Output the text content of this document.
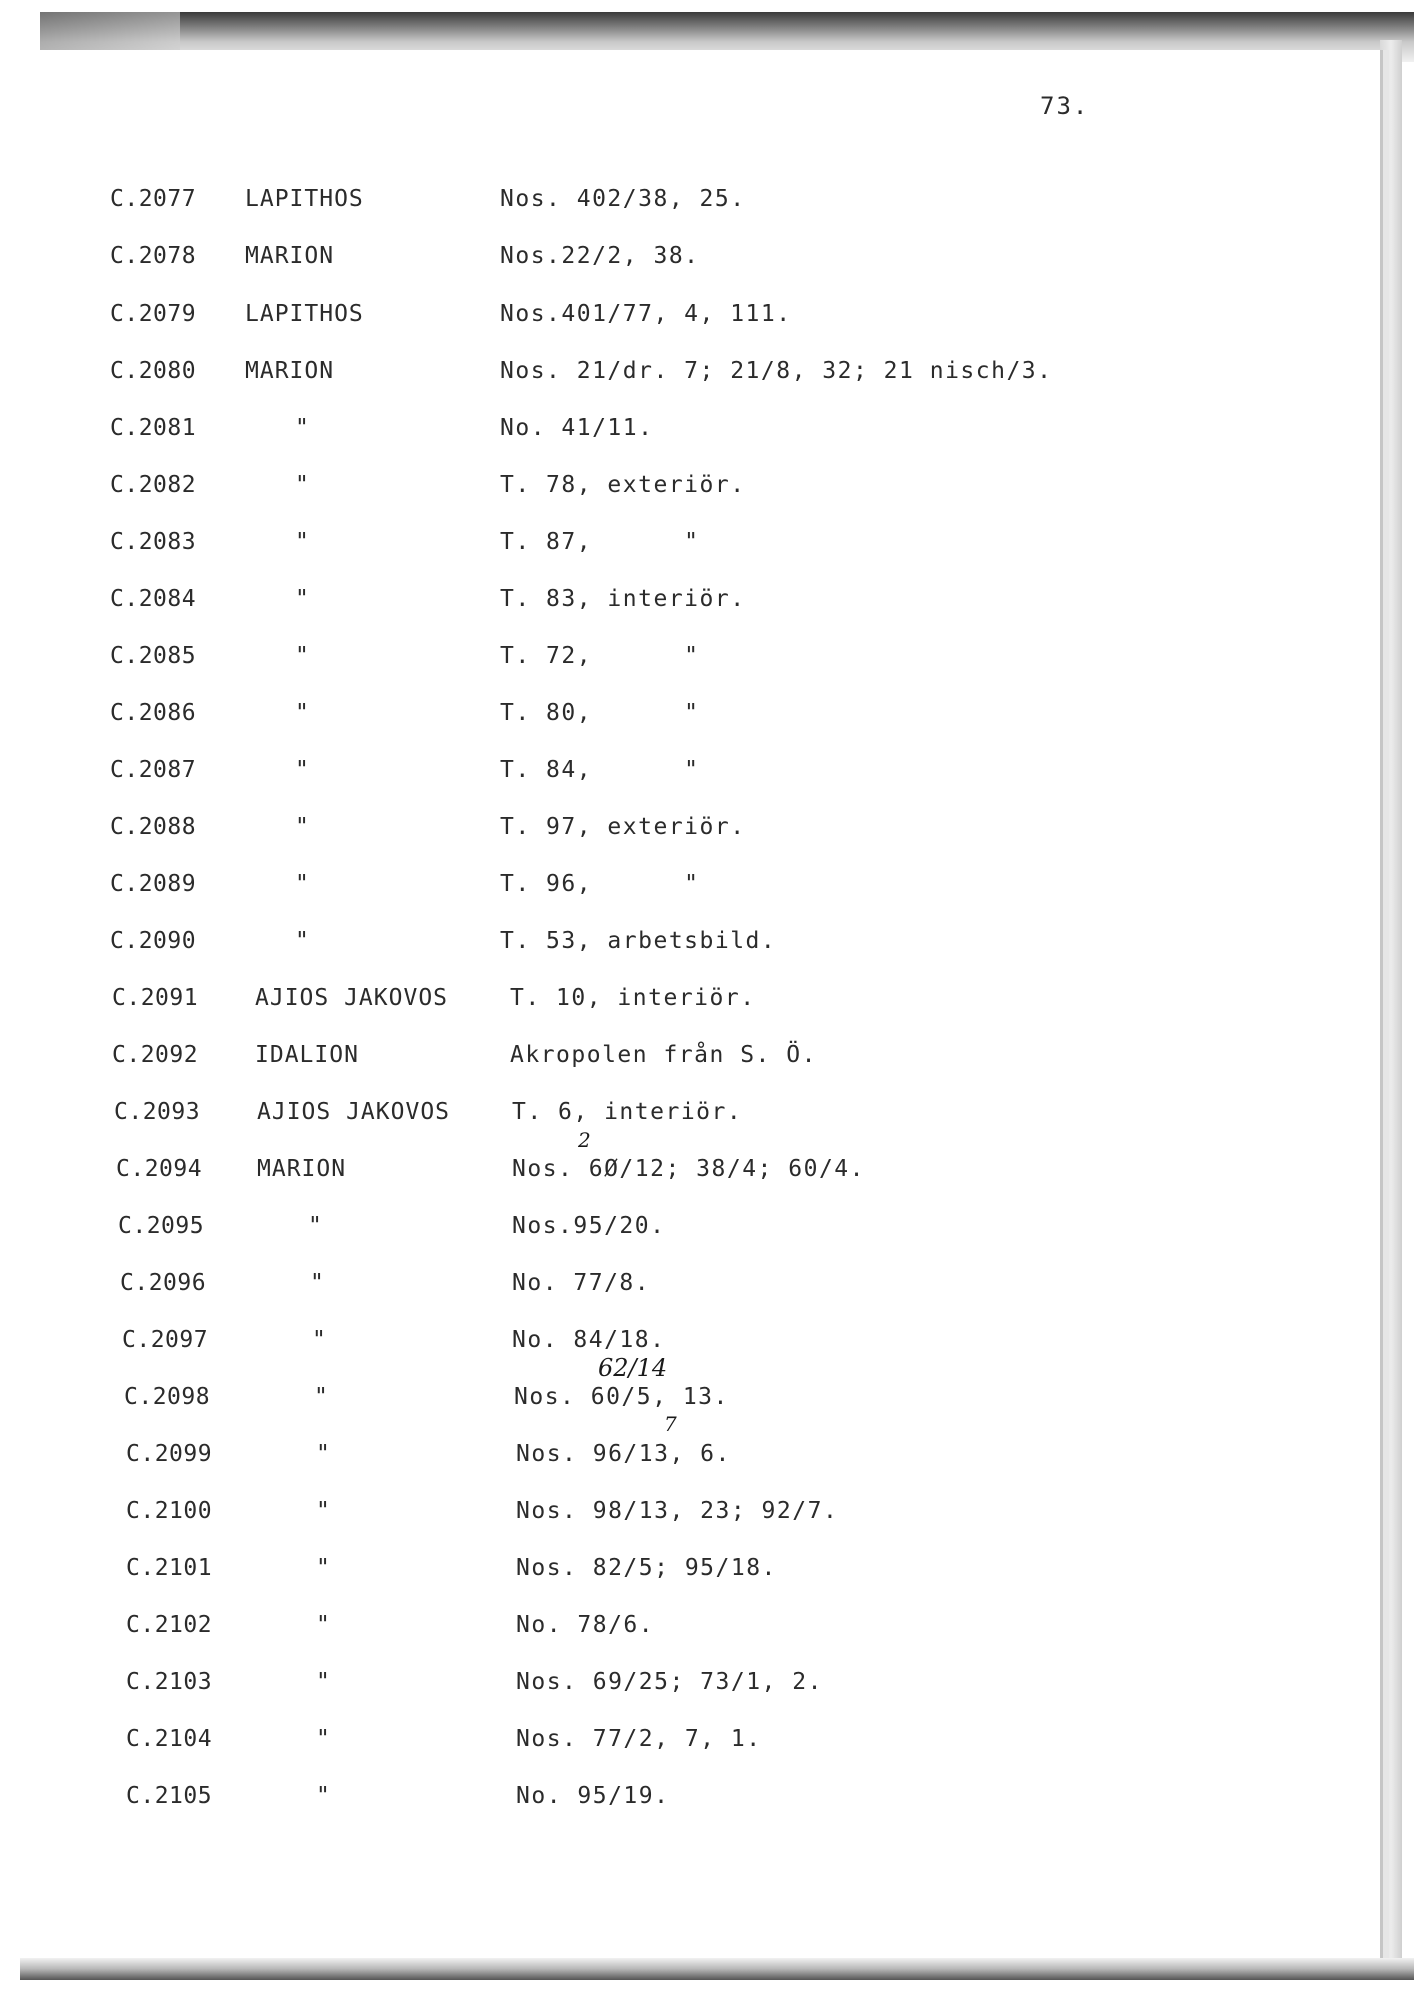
73.
C.2077 LAPITHOS	Nos. 402/38, 25.
C.2078 MARION	Nos.22/2, 38.
C.2079 LAPITHOS	Nos.401/77, 4, 111.
C.2080 MARION	Nos. 21/dr. 7; 21/8, 32; 21 nisch/3.
C.2081	"	No. 41/11.
C.2082	"	T. 78, exteriör.
C.2083	"	T. 87,      "
C.2084	"	T. 83, interiör.
C.2085	"	T. 72,      "
C.2086	"	T. 80,      "
C.2087	"	T. 84,      "
C.2088	"	T. 97, exteriör.
C.2089	"	T. 96,      "
C.2090	"	T. 53, arbetsbild.
C.2091 AJIOS JAKOVOS	T. 10, interiör.
C.2092 IDALION	Akropolen från S. Ö.
C.2093 AJIOS JAKOVOS	T. 6, interiör.
C.2094 MARION	Nos. 6Ø/12; 38/4; 60/4.
C.2095	"	Nos.95/20.
C.2096	"	No. 77/8.
C.2097	"	No. 84/18.
C.2098	"	Nos. 60/5, 13.
C.2099	"	Nos. 96/13, 6.
C.2100	"	Nos. 98/13, 23; 92/7.
C.2101	"	Nos. 82/5; 95/18.
C.2102	"	No. 78/6.
C.2103	"	Nos. 69/25; 73/1, 2.
C.2104	"	Nos. 77/2, 7, 1.
C.2105	"	No. 95/19.
2
62/14
7
